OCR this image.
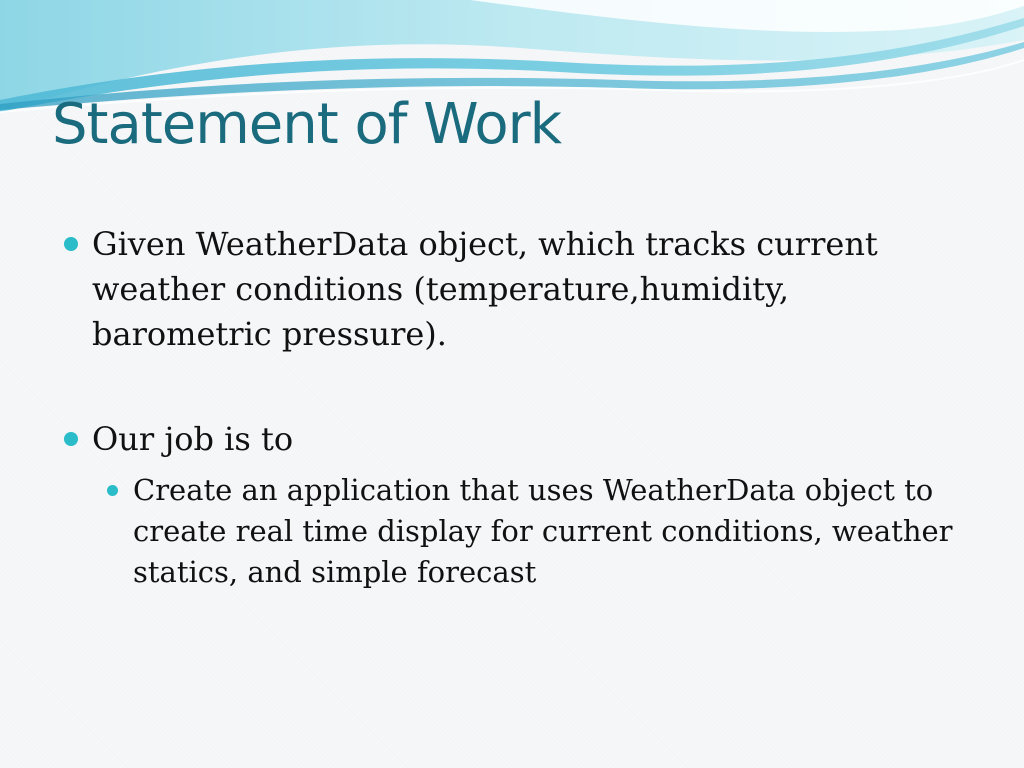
Statement of Work
Given WeatherData object, which tracks current weather conditions (temperature,humidity, barometric pressure).
Our job is to
Create an application that uses WeatherData object to create real time display for current conditions, weather statics, and simple forecast
